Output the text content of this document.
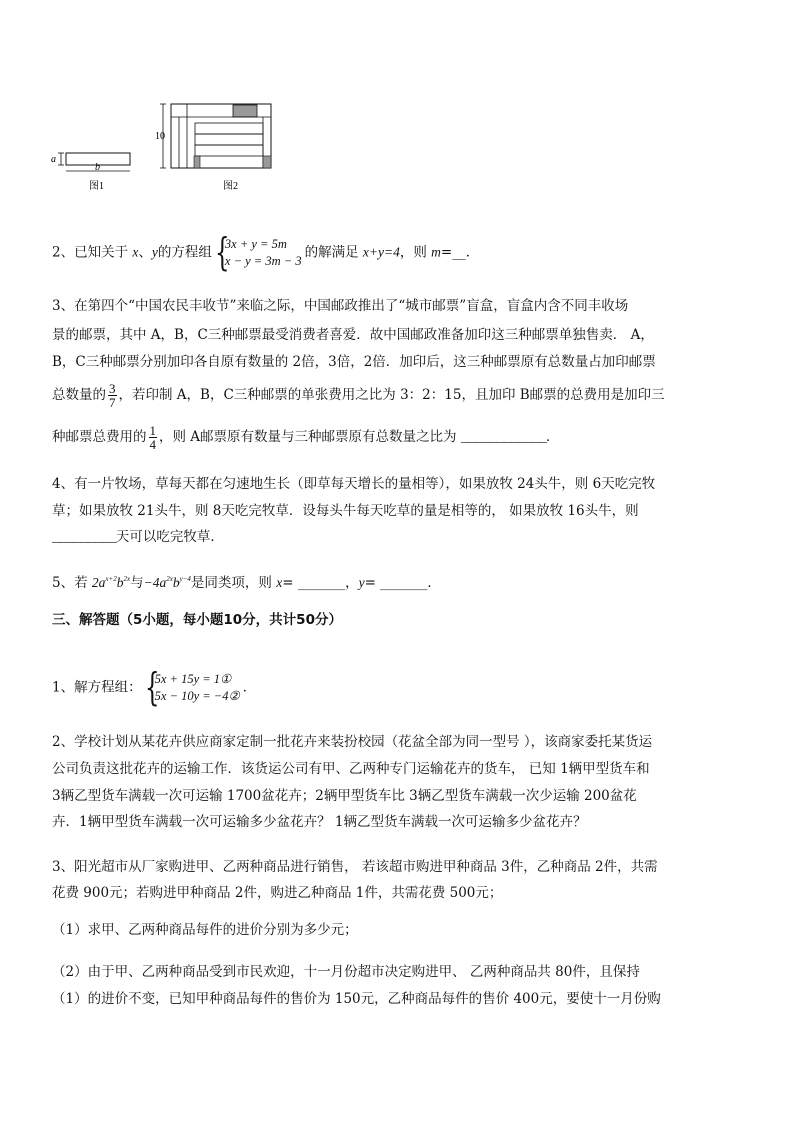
a
b
图1
10
图2
2、已知关于 x、y的方程组 {
3x + y = 5m
x − y = 3m − 3
的解满足 x+y=4，则 m=__．
3、在第四个“中国农民丰收节”来临之际，中国邮政推出了“城市邮票”盲盒，盲盒内含不同丰收场
景的邮票，其中 A，B，C三种邮票最受消费者喜爱．故中国邮政准备加印这三种邮票单独售卖． A，
B，C三种邮票分别加印各自原有数量的 2倍，3倍，2倍．加印后，这三种邮票原有总数量占加印邮票
总数量的 $\frac{3}{7}$ ，若印制 A，B，C三种邮票的单张费用之比为 3：2：15，且加印 B邮票的总费用是加印三
种邮票总费用的 $\frac{1}{4}$ ，则 A邮票原有数量与三种邮票原有总数量之比为 ____________．
4、有一片牧场，草每天都在匀速地生长（即草每天增长的量相等），如果放牧 24头牛，则 6天吃完牧
草；如果放牧 21头牛，则 8天吃完牧草．设每头牛每天吃草的量是相等的， 如果放牧 16头牛，则
_________天可以吃完牧草．
5、若 $2a^{x+2}b^{2x}$与$-4a^{2x}b^{y-4}$是同类项，则 x= _______，y= _______．
三、解答题（5小题，每小题10分，共计50分）
1、解方程组： {
5x + 15y = 1①
5x − 10y = −4②
．
2、学校计划从某花卉供应商家定制一批花卉来装扮校园（花盆全部为同一型号 ），该商家委托某货运
公司负责这批花卉的运输工作．该货运公司有甲、乙两种专门运输花卉的货车， 已知 1辆甲型货车和
3辆乙型货车满载一次可运输 1700盆花卉；2辆甲型货车比 3辆乙型货车满载一次少运输 200盆花
卉．1辆甲型货车满载一次可运输多少盆花卉？ 1辆乙型货车满载一次可运输多少盆花卉？
3、阳光超市从厂家购进甲、乙两种商品进行销售， 若该超市购进甲种商品 3件，乙种商品 2件，共需
花费 900元；若购进甲种商品 2件，购进乙种商品 1件，共需花费 500元；
（1）求甲、乙两种商品每件的进价分别为多少元；
（2）由于甲、乙两种商品受到市民欢迎，十一月份超市决定购进甲、 乙两种商品共 80件，且保持
（1）的进价不变，已知甲种商品每件的售价为 150元，乙种商品每件的售价 400元，要使十一月份购
